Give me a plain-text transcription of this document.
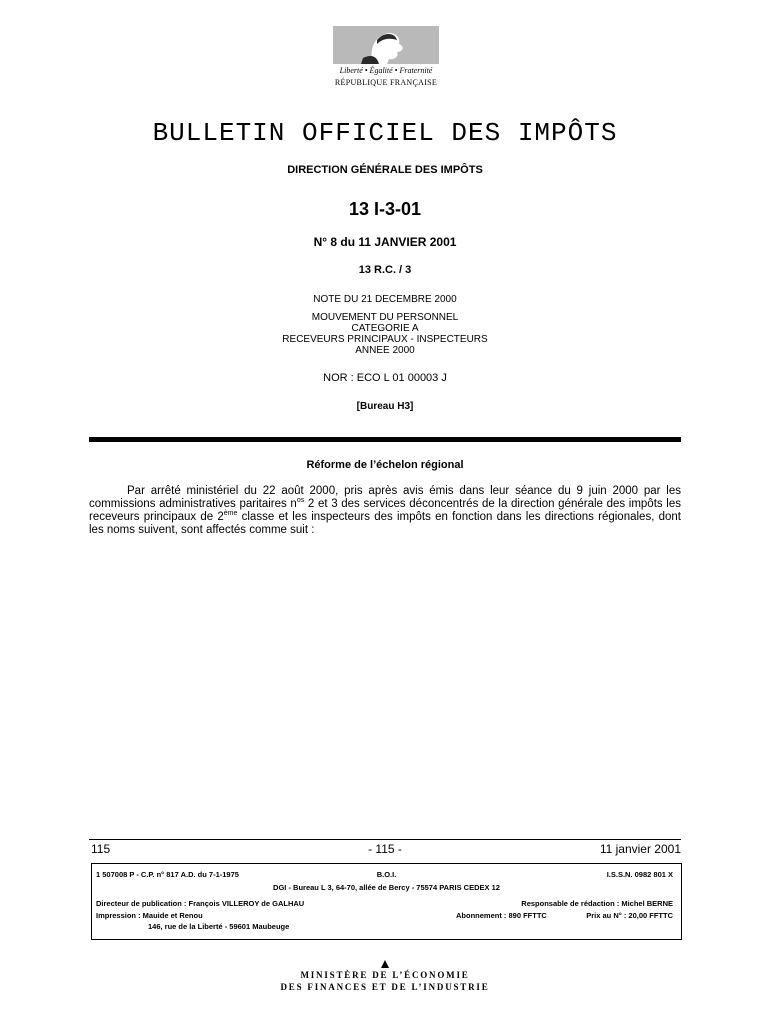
Liberté • Égalité • Fraternité
RÉPUBLIQUE FRANÇAISE
BULLETIN OFFICIEL DES IMPÔTS
DIRECTION GÉNÉRALE DES IMPÔTS
13 I-3-01
N° 8 du 11 JANVIER 2001
13 R.C. / 3
NOTE DU 21 DECEMBRE 2000
MOUVEMENT DU PERSONNEL
CATEGORIE A
RECEVEURS PRINCIPAUX - INSPECTEURS
ANNEE 2000
NOR : ECO L 01 00003 J
[Bureau H3]
Réforme de l’échelon régional
Par arrêté ministériel du 22 août 2000, pris après avis émis dans leur séance du 9 juin 2000 par les commissions administratives paritaires $n^{os}$ 2 et 3 des services déconcentrés de la direction générale des impôts les receveurs principaux de 2ème classe et les inspecteurs des impôts en fonction dans les directions régionales, dont les noms suivent, sont affectés comme suit :
115	- 115 -	11 janvier 2001
1 507008 P - C.P. n° 817 A.D. du 7-1-1975	B.O.I.	I.S.S.N. 0982 801 X
DGI - Bureau L 3, 64-70, allée de Bercy - 75574 PARIS CEDEX 12
Directeur de publication : François VILLEROY de GALHAU	Responsable de rédaction : Michel BERNE
Impression : Mauide et Renou	Abonnement : 890 FFTTC	Prix au N° : 20,00 FFTTC
146, rue de la Liberté - 59601 Maubeuge
MINISTÈRE DE L’ÉCONOMIE
DES FINANCES ET DE L’INDUSTRIE
